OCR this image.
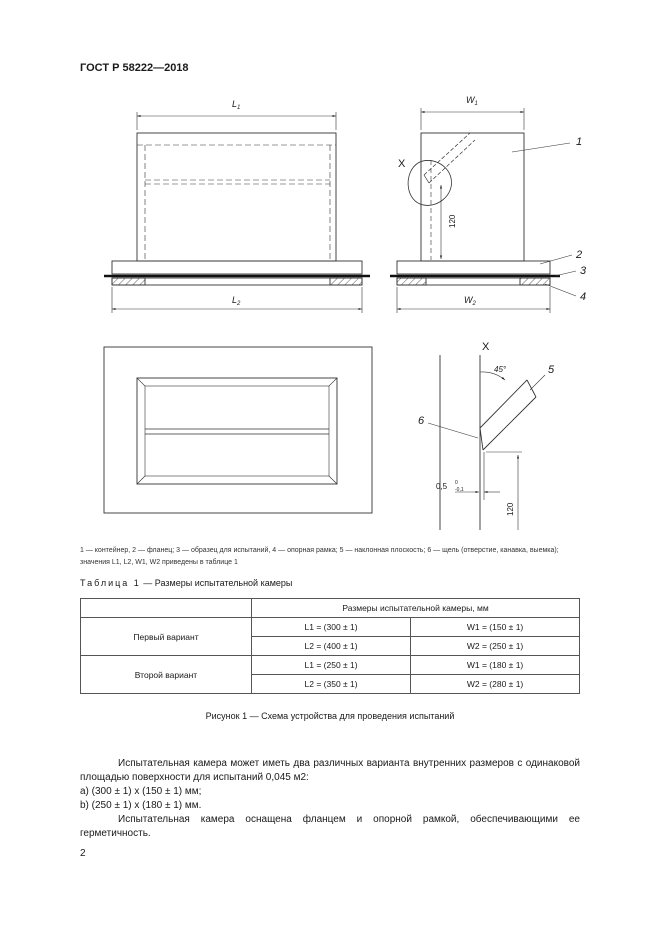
ГОСТ Р 58222—2018
$L_1$
$L_2$
$W_1$
$W_2$
120
X
1
2
3
4
X
45°	5
6
0,5 0
-0,1
120
1 — контейнер, 2 — фланец; 3 — образец для испытаний, 4 — опорная рамка; 5 — наклонная плоскость; 6 — щель (отверстие, канавка, выемка); значения L1, L2, W1, W2 приведены в таблице 1
Таблица 1 — Размеры испытательной камеры
	Размеры испытательной камеры, мм	
Первый вариант	L1 = (300 ± 1)	W1 = (150 ± 1)
	L2 = (400 ± 1)	W2 = (250 ± 1)
Второй вариант	L1 = (250 ± 1)	W1 = (180 ± 1)
	L2 = (350 ± 1)	W2 = (280 ± 1)
Рисунок 1 — Схема устройства для проведения испытаний
Испытательная камера может иметь два различных варианта внутренних размеров с одинаковой площадью поверхности для испытаний 0,045 м2:
а) (300 ± 1) x (150 ± 1) мм;
b) (250 ± 1) x (180 ± 1) мм.
Испытательная камера оснащена фланцем и опорной рамкой, обеспечивающими ее герметичность.
2
